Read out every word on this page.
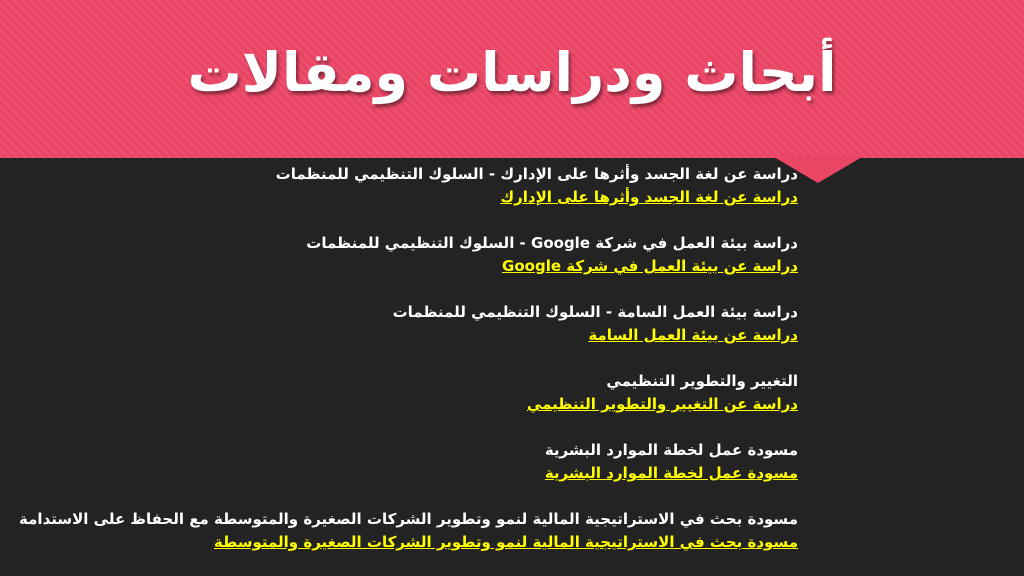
أبحاث ودراسات ومقالات
دراسة عن لغة الجسد وأثرها على الإدارك - السلوك التنظيمي للمنظمات
دراسة عن لغة الجسد وأثرها على الإدارك
دراسة بيئة العمل في شركة Google - السلوك التنظيمي للمنظمات
دراسة عن بيئة العمل في شركة Google
دراسة بيئة العمل السامة - السلوك التنظيمي للمنظمات
دراسة عن بيئة العمل السامة
التغيير والتطوير التنظيمي
دراسة عن التغيير والتطوير التنظيمي
مسودة عمل لخطة الموارد البشرية
مسودة عمل لخطة الموارد البشرية
مسودة بحث في الاستراتيجية المالية لنمو وتطوير الشركات الصغيرة والمتوسطة مع الحفاظ على الاستدامة
مسودة بحث في الاستراتيجية المالية لنمو وتطوير الشركات الصغيرة والمتوسطة
